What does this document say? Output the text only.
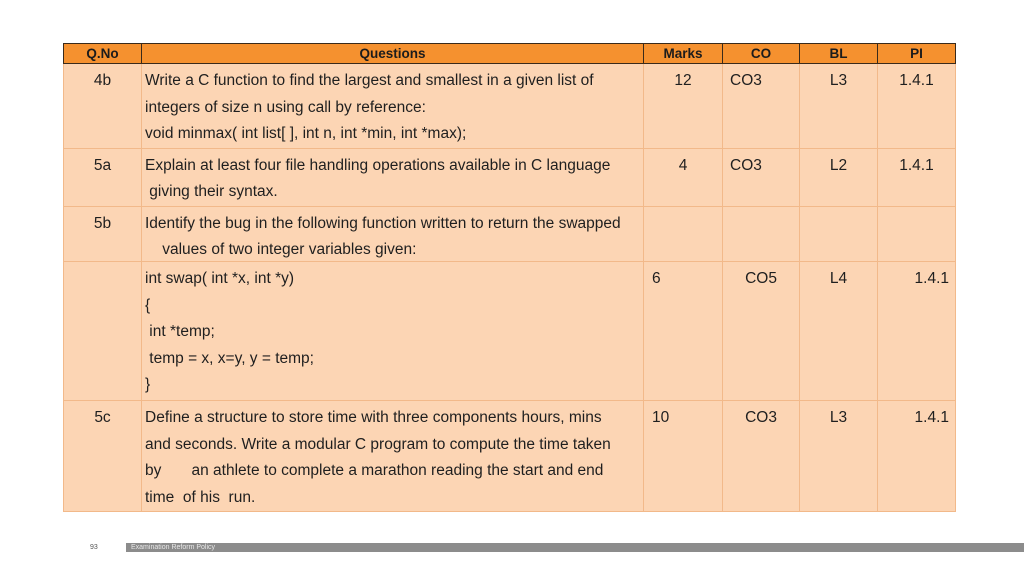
Q.No	Questions	Marks	CO	BL	PI
4b	Write a C function to find the largest and smallest in a given list of
integers of size n using call by reference:
void minmax( int list[ ], int n, int *min, int *max);	12	CO3	L3	1.4.1
5a	Explain at least four file handling operations available in C language
giving their syntax.	4	CO3	L2	1.4.1
5b	Identify the bug in the following function written to return the swapped
values of two integer variables given:				

	int swap( int *x, int *y)
{
int *temp;
temp = x, x=y, y = temp;
}	6	CO5	L4	1.4.1
5c	Define a structure to store time with three components hours, mins
and seconds. Write a modular C program to compute the time taken
by       an athlete to complete a marathon reading the start and end
time  of his  run.	10	CO3	L3	1.4.1
93	Examination Reform Policy
